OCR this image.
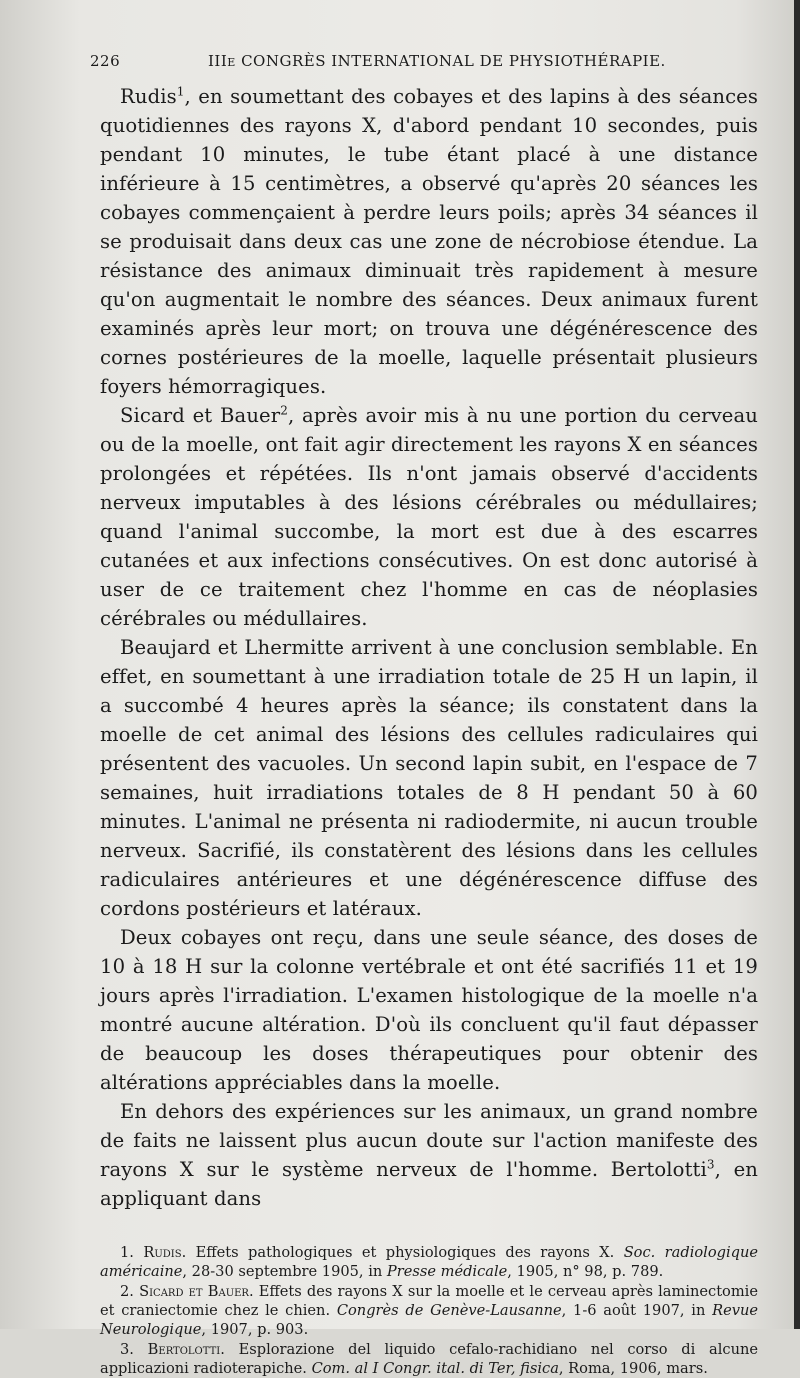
226	IIIe CONGRÈS INTERNATIONAL DE PHYSIOTHÉRAPIE.

Rudis$^1$, en soumettant des cobayes et des lapins à des séances quotidiennes des rayons X, d'abord pendant 10 secondes, puis pendant 10 minutes, le tube étant placé à une distance inférieure à 15 centimètres, a observé qu'après 20 séances les cobayes commençaient à perdre leurs poils; après 34 séances il se produisait dans deux cas une zone de nécrobiose étendue. La résistance des animaux diminuait très rapidement à mesure qu'on augmentait le nombre des séances. Deux animaux furent examinés après leur mort; on trouva une dégénérescence des cornes postérieures de la moelle, laquelle présentait plusieurs foyers hémorragiques.

Sicard et Bauer$^2$, après avoir mis à nu une portion du cerveau ou de la moelle, ont fait agir directement les rayons X en séances prolongées et répétées. Ils n'ont jamais observé d'accidents nerveux imputables à des lésions cérébrales ou médullaires; quand l'animal succombe, la mort est due à des escarres cutanées et aux infections consécutives. On est donc autorisé à user de ce traitement chez l'homme en cas de néoplasies cérébrales ou médullaires.

Beaujard et Lhermitte arrivent à une conclusion semblable. En effet, en soumettant à une irradiation totale de 25 H un lapin, il a succombé 4 heures après la séance; ils constatent dans la moelle de cet animal des lésions des cellules radiculaires qui présentent des vacuoles. Un second lapin subit, en l'espace de 7 semaines, huit irradiations totales de 8 H pendant 50 à 60 minutes. L'animal ne présenta ni radiodermite, ni aucun trouble nerveux. Sacrifié, ils constatèrent des lésions dans les cellules radiculaires antérieures et une dégénérescence diffuse des cordons postérieurs et latéraux.

Deux cobayes ont reçu, dans une seule séance, des doses de 10 à 18 H sur la colonne vertébrale et ont été sacrifiés 11 et 19 jours après l'irradiation. L'examen histologique de la moelle n'a montré aucune altération. D'où ils concluent qu'il faut dépasser de beaucoup les doses thérapeutiques pour obtenir des altérations appréciables dans la moelle.

En dehors des expériences sur les animaux, un grand nombre de faits ne laissent plus aucun doute sur l'action manifeste des rayons X sur le système nerveux de l'homme. Bertolotti$^3$, en appliquant dans

1. Rudis. Effets pathologiques et physiologiques des rayons X. Soc. radiologique américaine, 28-30 septembre 1905, in Presse médicale, 1905, n° 98, p. 789.

2. Sicard et Bauer. Effets des rayons X sur la moelle et le cerveau après laminectomie et craniectomie chez le chien. Congrès de Genève-Lausanne, 1-6 août 1907, in Revue Neurologique, 1907, p. 903.

3. Bertolotti. Esplorazione del liquido cefalo-rachidiano nel corso di alcune applicazioni radioterapiche. Com. al I Congr. ital. di Ter, fisica, Roma, 1906, mars.
